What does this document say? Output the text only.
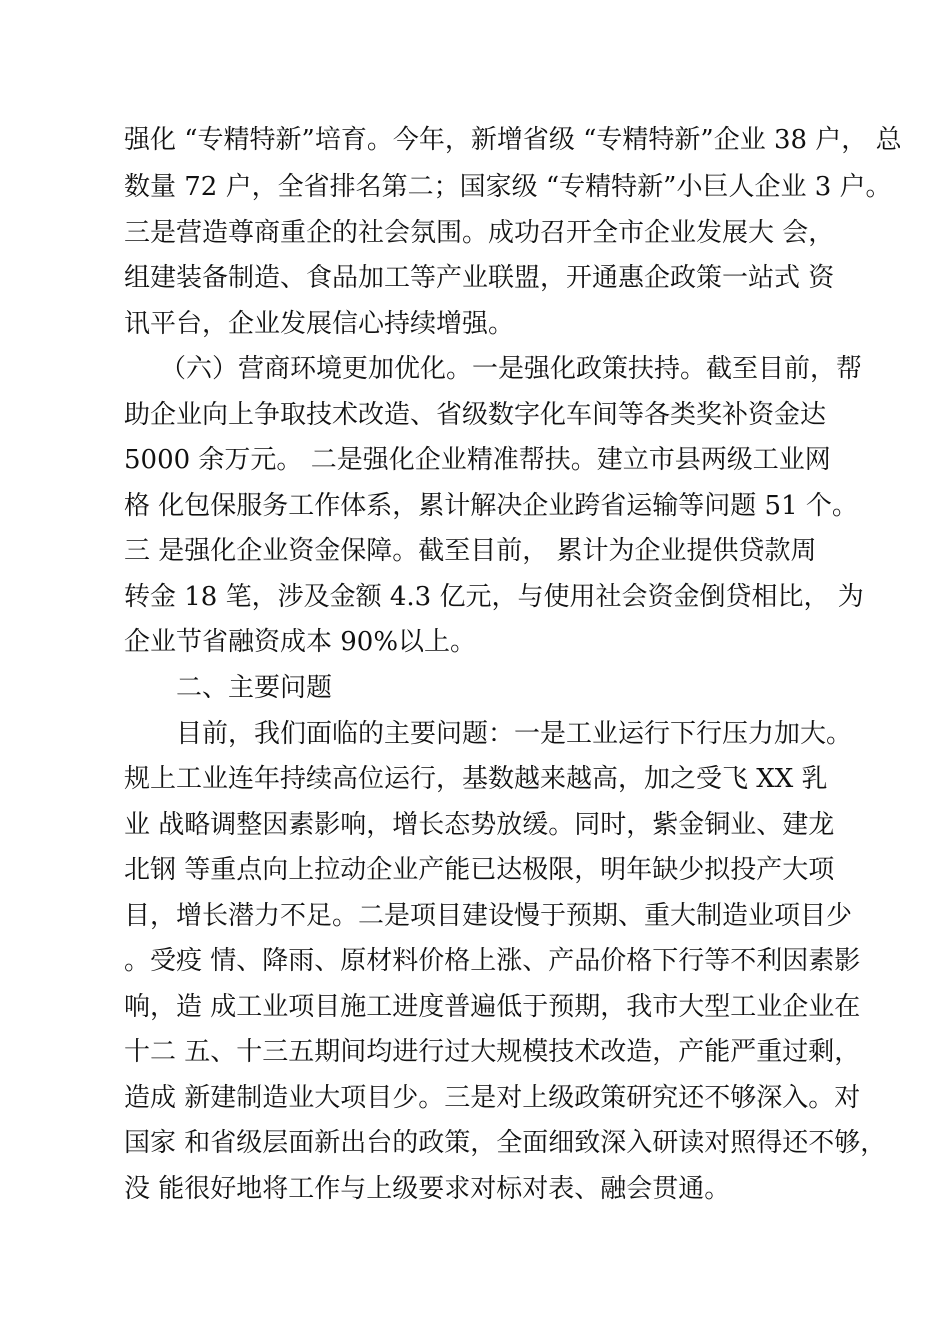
强化 “专精特新”培育。今年，新增省级 “专精特新”企业 38 户， 总
数量 72 户，全省排名第二；国家级 “专精特新”小巨人企业 3 户。
三是营造尊商重企的社会氛围。成功召开全市企业发展大 会，
组建装备制造、食品加工等产业联盟，开通惠企政策一站式 资
讯平台，企业发展信心持续增强。
（六）营商环境更加优化。一是强化政策扶持。截至目前，帮
助企业向上争取技术改造、省级数字化车间等各类奖补资金达
5000 余万元。 二是强化企业精准帮扶。建立市县两级工业网
格 化包保服务工作体系，累计解决企业跨省运输等问题 51 个。
三 是强化企业资金保障。截至目前， 累计为企业提供贷款周
转金 18 笔，涉及金额 4.3 亿元，与使用社会资金倒贷相比， 为
企业节省融资成本 90%以上。
二、主要问题
目前，我们面临的主要问题：一是工业运行下行压力加大。
规上工业连年持续高位运行，基数越来越高，加之受飞 XX 乳
业 战略调整因素影响，增长态势放缓。同时，紫金铜业、建龙
北钢 等重点向上拉动企业产能已达极限，明年缺少拟投产大项
目，增长潜力不足。二是项目建设慢于预期、重大制造业项目少
。受疫 情、降雨、原材料价格上涨、产品价格下行等不利因素影
响，造 成工业项目施工进度普遍低于预期，我市大型工业企业在
十二 五、十三五期间均进行过大规模技术改造，产能严重过剩，
造成 新建制造业大项目少。三是对上级政策研究还不够深入。对
国家 和省级层面新出台的政策，全面细致深入研读对照得还不够，
没 能很好地将工作与上级要求对标对表、融会贯通。
